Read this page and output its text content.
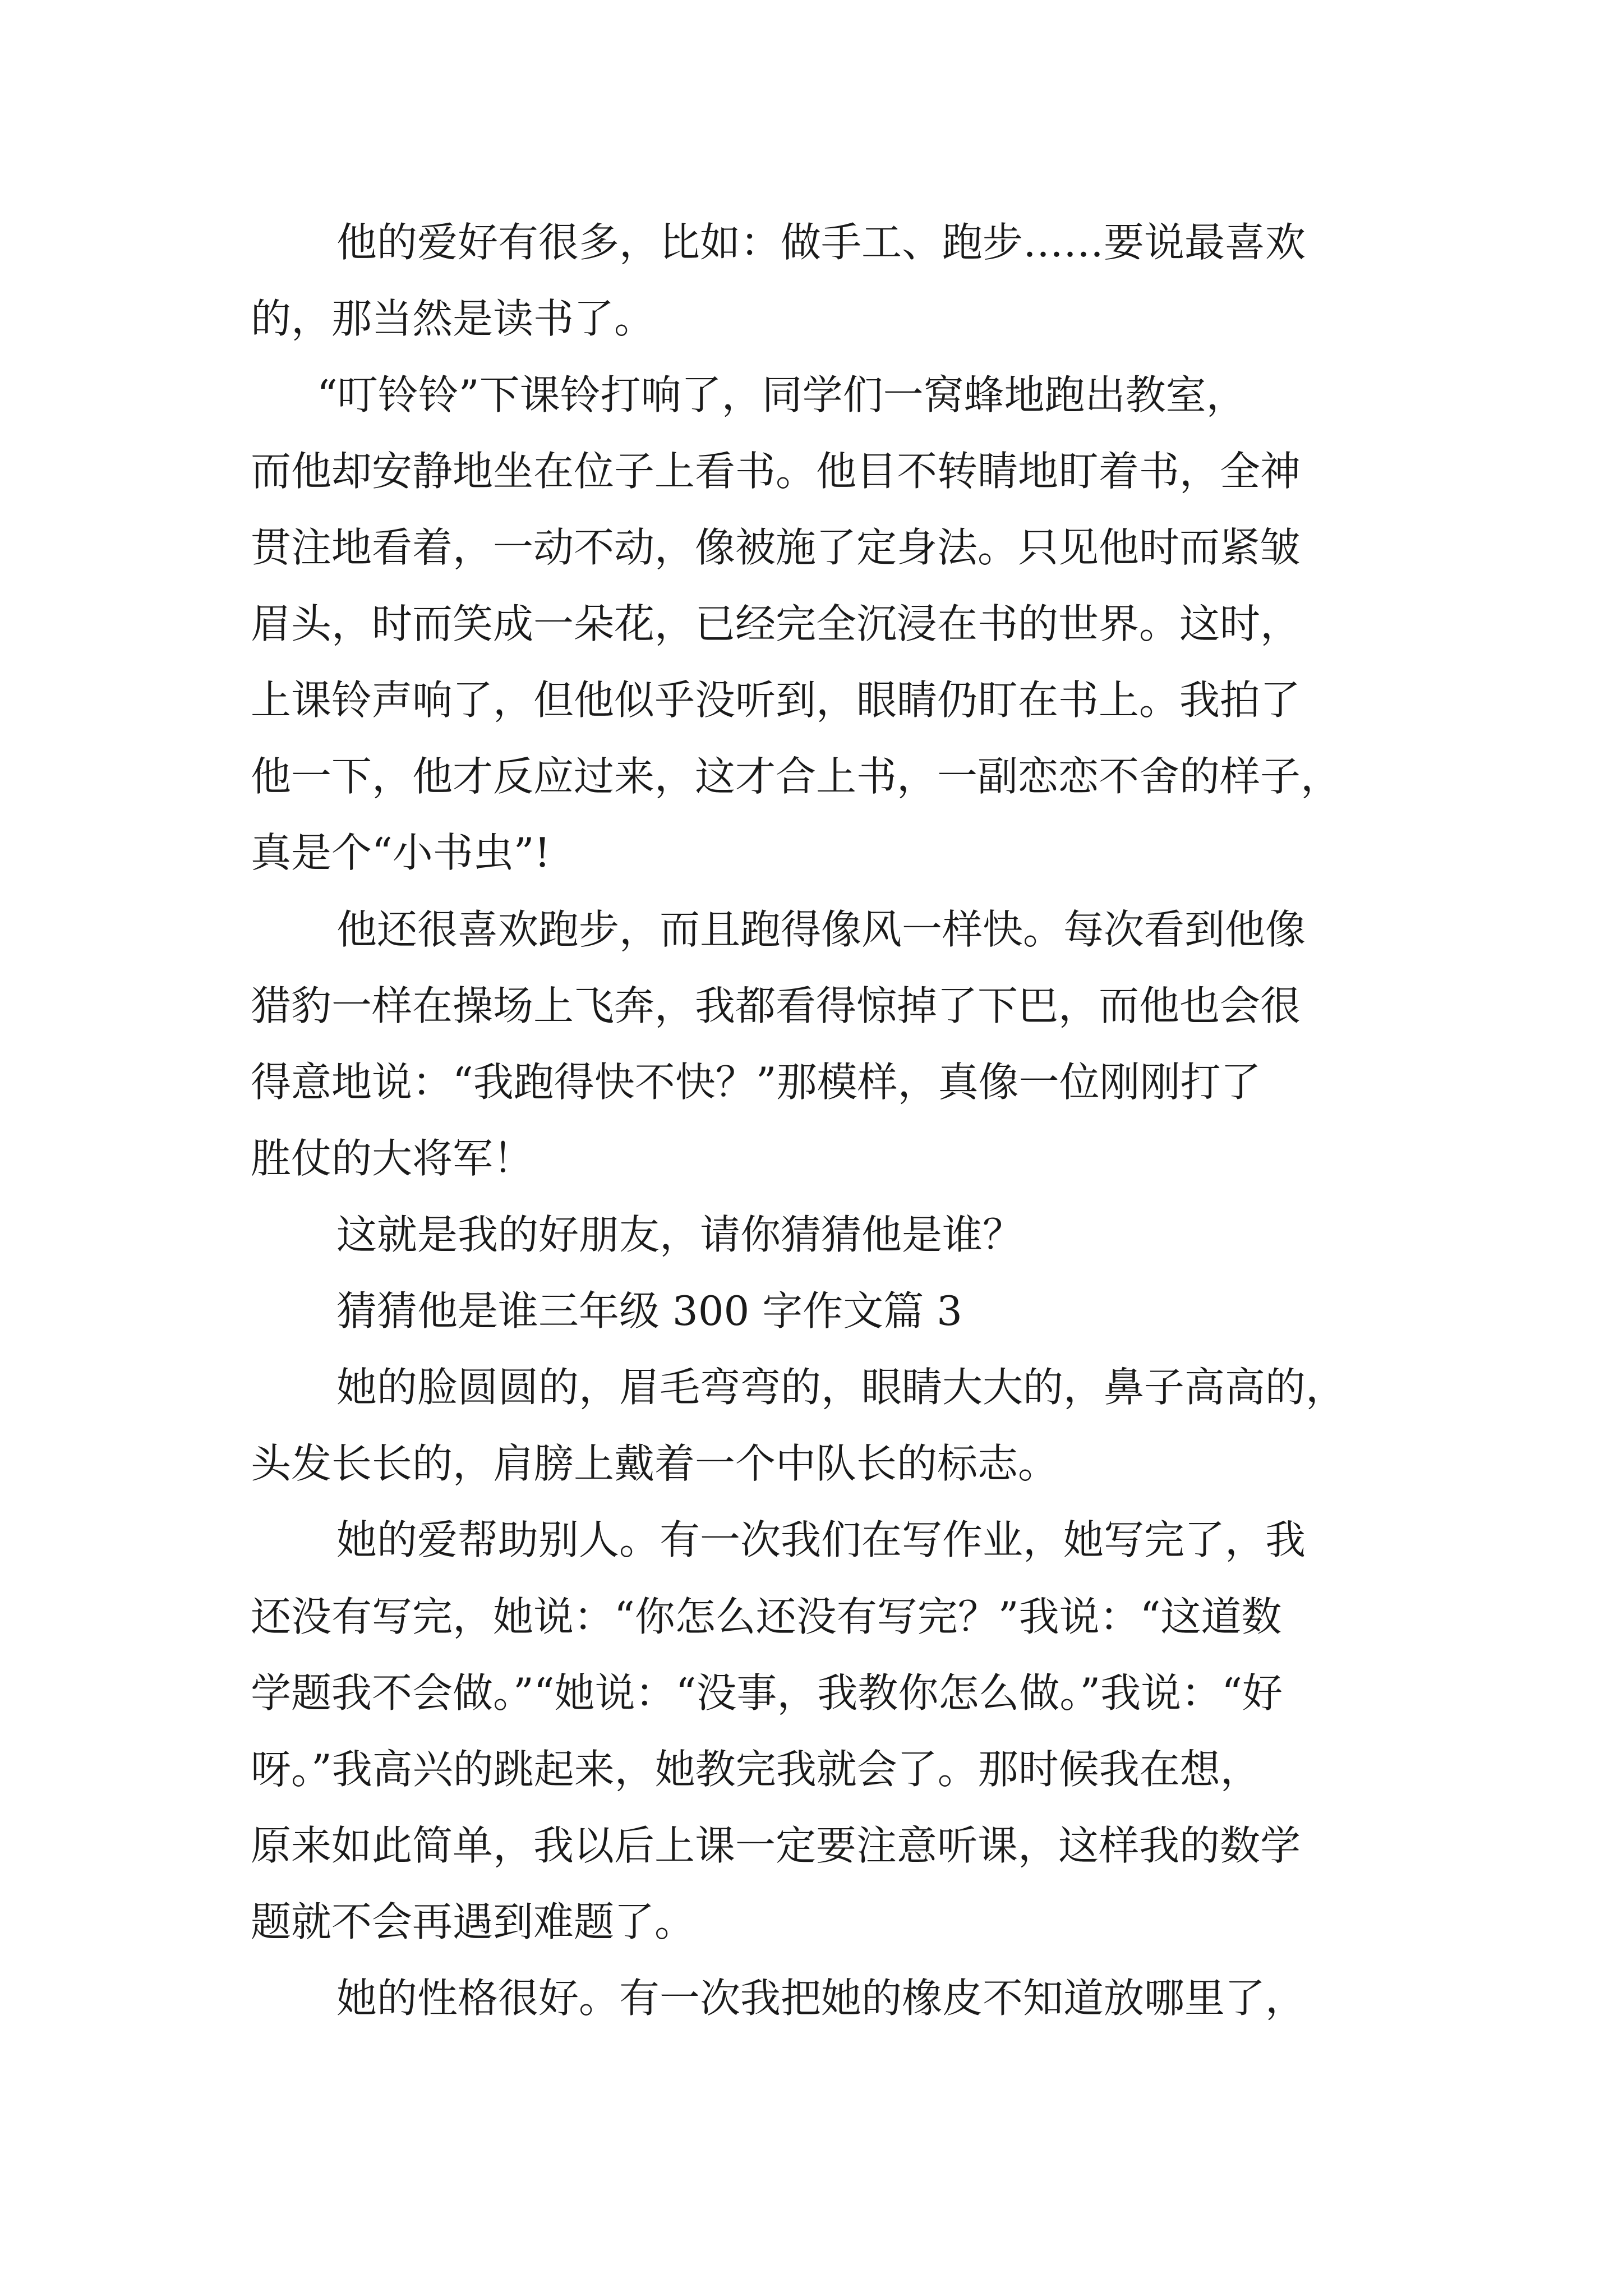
他的爱好有很多，比如：做手工、跑步……要说最喜欢
的，那当然是读书了。
“叮铃铃”下课铃打响了，同学们一窝蜂地跑出教室，
而他却安静地坐在位子上看书。他目不转睛地盯着书，全神
贯注地看着，一动不动，像被施了定身法。只见他时而紧皱
眉头，时而笑成一朵花，已经完全沉浸在书的世界。这时，
上课铃声响了，但他似乎没听到，眼睛仍盯在书上。我拍了
他一下，他才反应过来，这才合上书，一副恋恋不舍的样子，
真是个“小书虫”!
他还很喜欢跑步，而且跑得像风一样快。每次看到他像
猎豹一样在操场上飞奔，我都看得惊掉了下巴，而他也会很
得意地说：“我跑得快不快？”那模样，真像一位刚刚打了
胜仗的大将军！
这就是我的好朋友，请你猜猜他是谁？
猜猜他是谁三年级 300 字作文篇 3
她的脸圆圆的，眉毛弯弯的，眼睛大大的，鼻子高高的，
头发长长的，肩膀上戴着一个中队长的标志。
她的爱帮助别人。有一次我们在写作业，她写完了，我
还没有写完，她说：“你怎么还没有写完？”我说：“这道数
学题我不会做。”“她说：“没事，我教你怎么做。”我说：“好
呀。”我高兴的跳起来，她教完我就会了。那时候我在想，
原来如此简单，我以后上课一定要注意听课，这样我的数学
题就不会再遇到难题了。
她的性格很好。有一次我把她的橡皮不知道放哪里了，
